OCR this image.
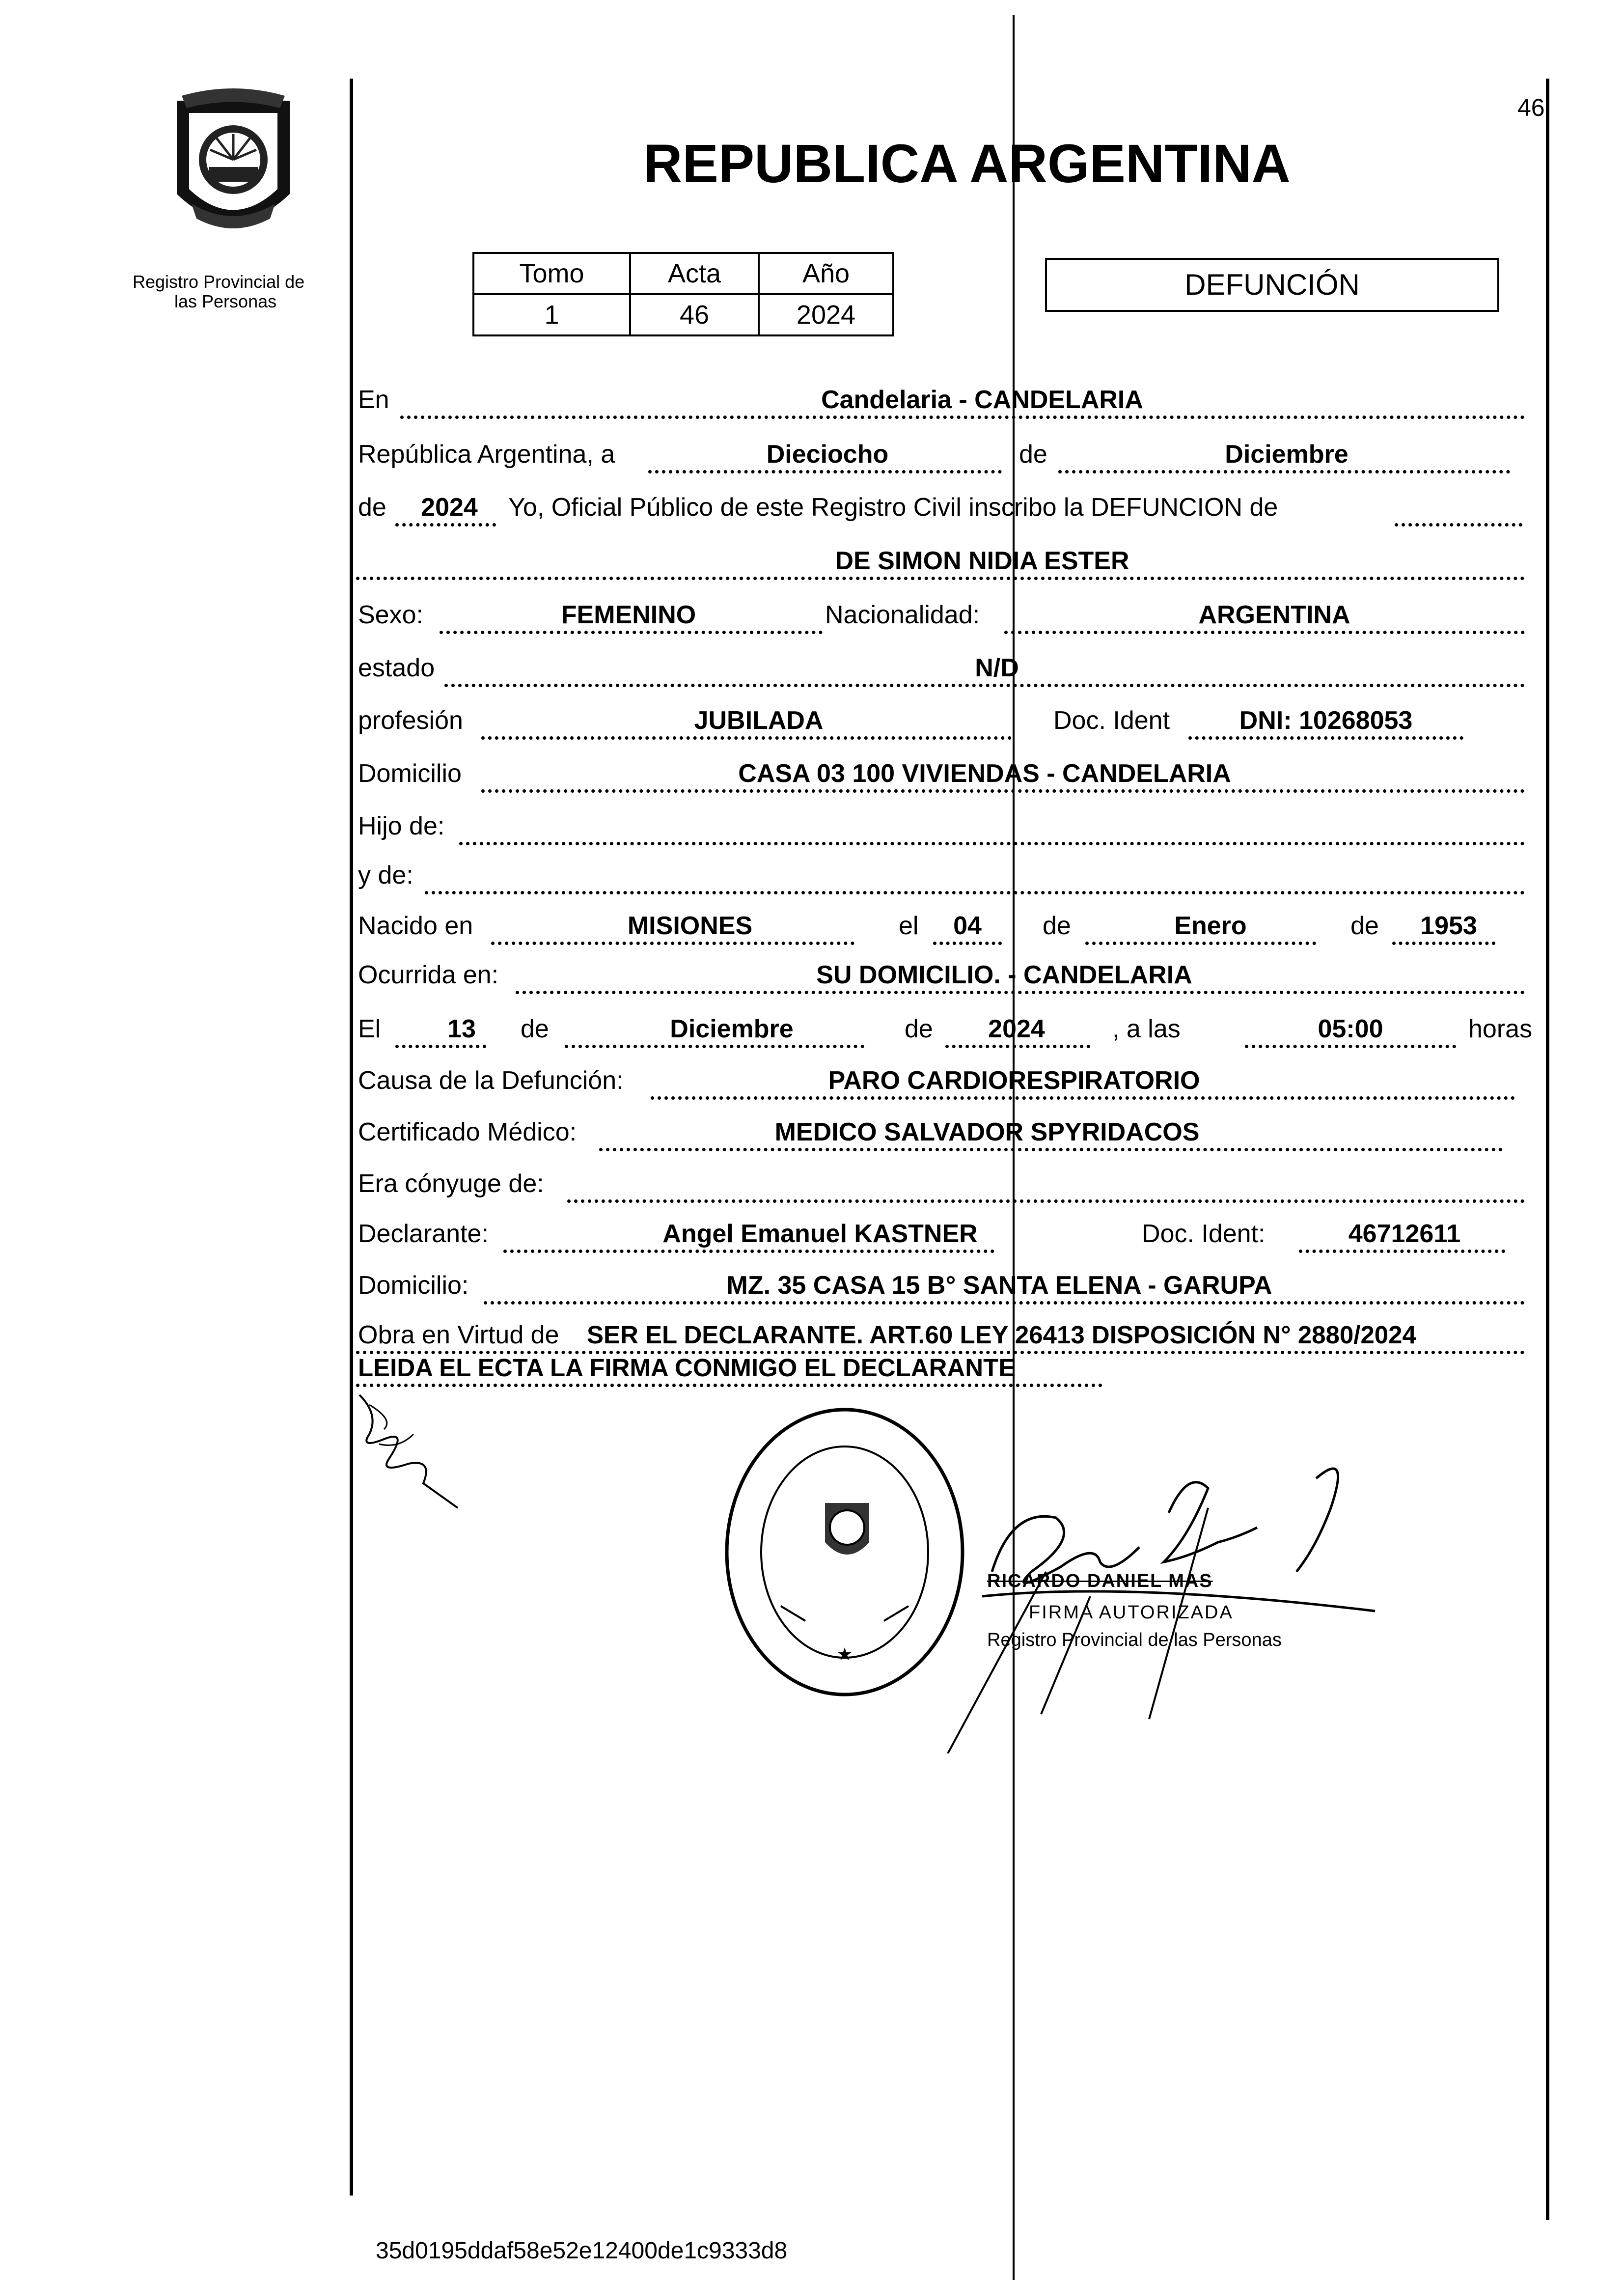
46
Registro Provincial de
las Personas
REPUBLICA ARGENTINA
Tomo	Acta	Año
1	46	2024
DEFUNCIÓN
En	Candelaria - CANDELARIA
República Argentina, a	Dieciocho	de	Diciembre
de 2024 Yo, Oficial Público de este Registro Civil inscribo la DEFUNCION de
DE SIMON NIDIA ESTER
Sexo:	FEMENINO	Nacionalidad:	ARGENTINA
estado	N/D
profesión	JUBILADA	Doc. Ident	DNI: 10268053
Domicilio	CASA 03 100 VIVIENDAS - CANDELARIA
Hijo de:
y de:
Nacido en	MISIONES	el 04 de	Enero	de 1953
Ocurrida en:	SU DOMICILIO. - CANDELARIA
El	13 de	Diciembre	de 2024	, a las	05:00	horas
Causa de la Defunción:	PARO CARDIORESPIRATORIO
Certificado Médico:	MEDICO SALVADOR SPYRIDACOS
Era cónyuge de:
Declarante:	Angel Emanuel KASTNER	Doc. Ident:	46712611
Domicilio:	MZ. 35 CASA 15 B° SANTA ELENA - GARUPA
Obra en Virtud de SER EL DECLARANTE. ART.60 LEY 26413 DISPOSICIÓN N° 2880/2024
LEIDA EL ECTA LA FIRMA CONMIGO EL DECLARANTE
★
RICARDO DANIEL MAS
FIRMA AUTORIZADA
Registro Provincial de las Personas
35d0195ddaf58e52e12400de1c9333d8
